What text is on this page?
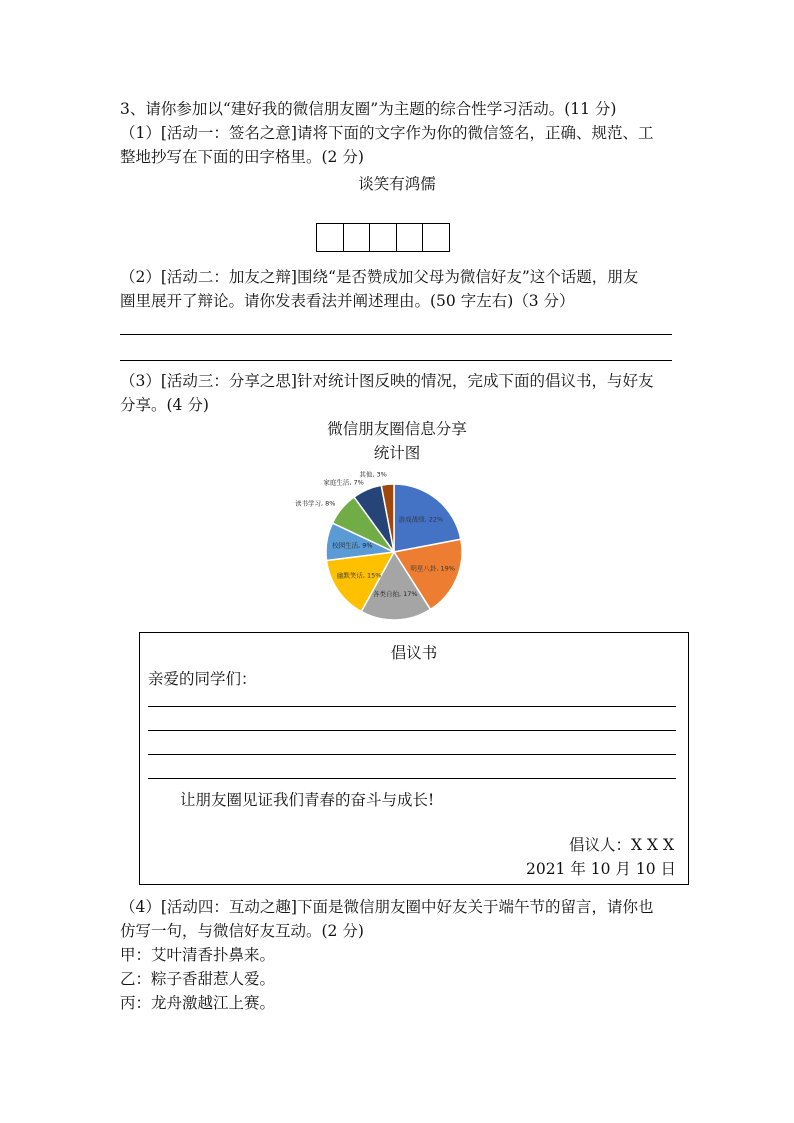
3、请你参加以“建好我的微信朋友圈”为主题的综合性学习活动。(11 分)
（1）[活动一：签名之意]请将下面的文字作为你的微信签名，正确、规范、工
整地抄写在下面的田字格里。(2 分)
谈笑有鸿儒
（2）[活动二：加友之辩]围绕“是否赞成加父母为微信好友”这个话题，朋友
圈里展开了辩论。请你发表看法并阐述理由。(50 字左右)（3 分）
（3）[活动三：分享之思]针对统计图反映的情况，完成下面的倡议书，与好友
分享。(4 分)
微信朋友圈信息分享
统计图
游戏战绩, 22%
明星八卦, 19%
各类自拍, 17%
幽默笑话, 15%
校园生活, 9%
读书学习, 8%
家庭生活, 7%
其他, 3%
倡议书
亲爱的同学们：
让朋友圈见证我们青春的奋斗与成长!
倡议人：X X X
2021 年 10 月 10 日
（4）[活动四：互动之趣]下面是微信朋友圈中好友关于端午节的留言，请你也
仿写一句，与微信好友互动。(2 分)
甲：艾叶清香扑鼻来。
乙：粽子香甜惹人爱。
丙：龙舟激越江上赛。
